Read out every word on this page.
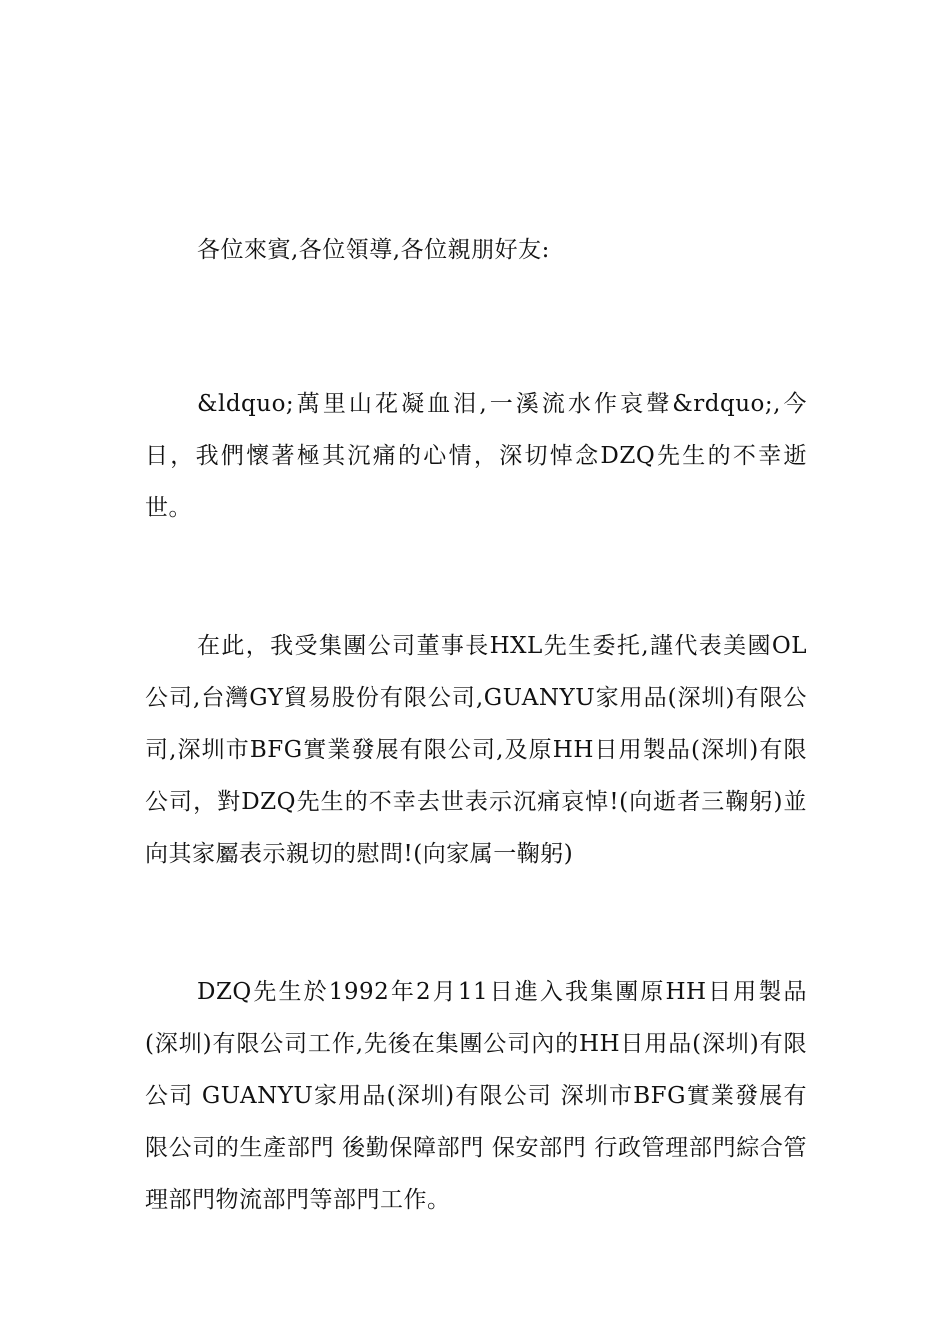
各位來賓,各位領導,各位親朋好友:

&ldquo;萬里山花凝血泪,一溪流水作哀聲&rdquo;,今日，我們懷著極其沉痛的心情，深切悼念DZQ先生的不幸逝世。

在此，我受集團公司董事長HXL先生委托,謹代表美國OL公司,台灣GY貿易股份有限公司,GUANYU家用品(深圳)有限公司,深圳市BFG實業發展有限公司,及原HH日用製品(深圳)有限公司，對DZQ先生的不幸去世表示沉痛哀悼!(向逝者三鞠躬)並向其家屬表示親切的慰問!(向家属一鞠躬)

DZQ先生於1992年2月11日進入我集團原HH日用製品(深圳)有限公司工作,先後在集團公司內的HH日用品(深圳)有限公司 GUANYU家用品(深圳)有限公司 深圳市BFG實業發展有限公司的生產部門 後勤保障部門 保安部門 行政管理部門綜合管理部門物流部門等部門工作。
